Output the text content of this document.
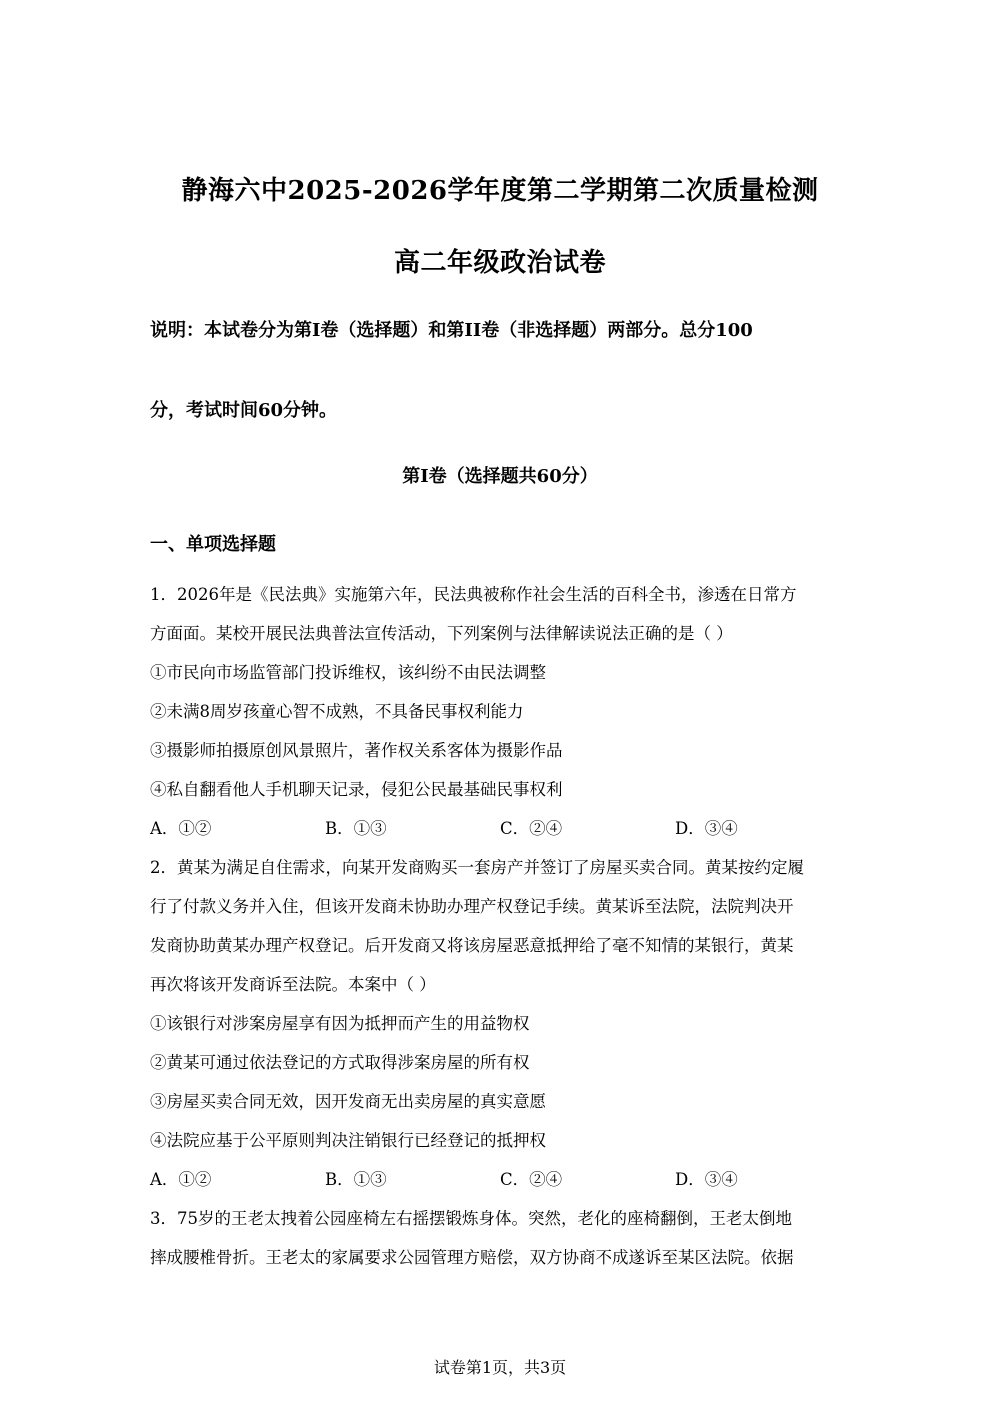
静海六中2025-2026学年度第二学期第二次质量检测
高二年级政治试卷
说明：本试卷分为第I卷（选择题）和第II卷（非选择题）两部分。总分100
分，考试时间60分钟。
第I卷（选择题共60分）
一、单项选择题
1．2026年是《民法典》实施第六年，民法典被称作社会生活的百科全书，渗透在日常方
方面面。某校开展民法典普法宣传活动，下列案例与法律解读说法正确的是（ ）
①市民向市场监管部门投诉维权，该纠纷不由民法调整
②未满8周岁孩童心智不成熟，不具备民事权利能力
③摄影师拍摄原创风景照片，著作权关系客体为摄影作品
④私自翻看他人手机聊天记录，侵犯公民最基础民事权利
A．①②	B．①③	C．②④	D．③④
2．黄某为满足自住需求，向某开发商购买一套房产并签订了房屋买卖合同。黄某按约定履
行了付款义务并入住，但该开发商未协助办理产权登记手续。黄某诉至法院，法院判决开
发商协助黄某办理产权登记。后开发商又将该房屋恶意抵押给了毫不知情的某银行，黄某
再次将该开发商诉至法院。本案中（ ）
①该银行对涉案房屋享有因为抵押而产生的用益物权
②黄某可通过依法登记的方式取得涉案房屋的所有权
③房屋买卖合同无效，因开发商无出卖房屋的真实意愿
④法院应基于公平原则判决注销银行已经登记的抵押权
A．①②	B．①③	C．②④	D．③④
3．75岁的王老太拽着公园座椅左右摇摆锻炼身体。突然，老化的座椅翻倒，王老太倒地
摔成腰椎骨折。王老太的家属要求公园管理方赔偿，双方协商不成遂诉至某区法院。依据
试卷第1页，共3页
